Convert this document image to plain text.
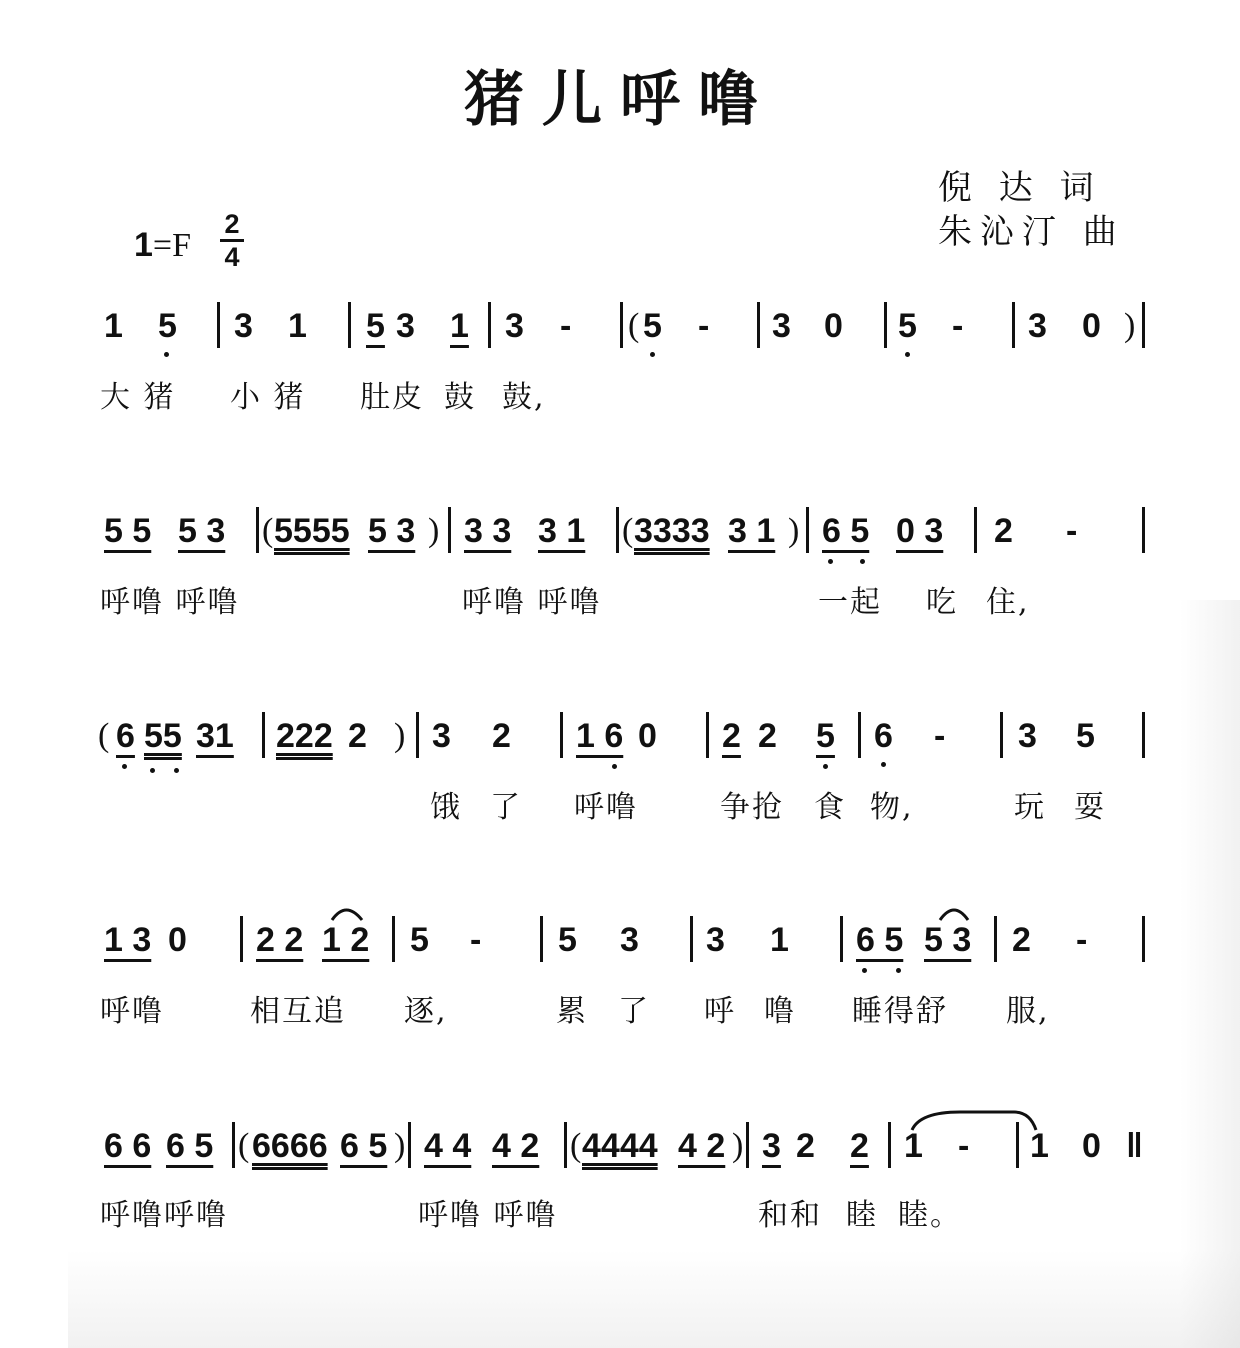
猪儿呼噜
倪 达 词
朱沁汀 曲
1=F
2
4
1 5 3 1 5 3 1 3 - ( 5 - 3 0 5 - 3 0 )
大 猪 小 猪 肚皮 鼓 鼓,
5 5 5 3 ( 5555 5 3 ) 3 3 3 1 ( 3333 3 1 ) 6 5 0 3 2 -
呼噜 呼噜	呼噜 呼噜	一起 吃 住,
( 6 55 31 222 2 ) 3 2 1 6 0 2 2 5 6 - 3 5
饿 了 呼噜	争抢 食 物,	玩 耍
1 3 0 2 2 1 2 5 - 5 3 3 1 6 5 5 3 2 -
呼噜	相互追 逐,	累 了 呼 噜 睡得舒 服,
6 6 6 5 ( 6666 6 5 ) 4 4 4 2 ( 4444 4 2 ) 3 2 2 1 - 1 0 ‖
呼噜呼噜	呼噜 呼噜	和和 睦 睦。
